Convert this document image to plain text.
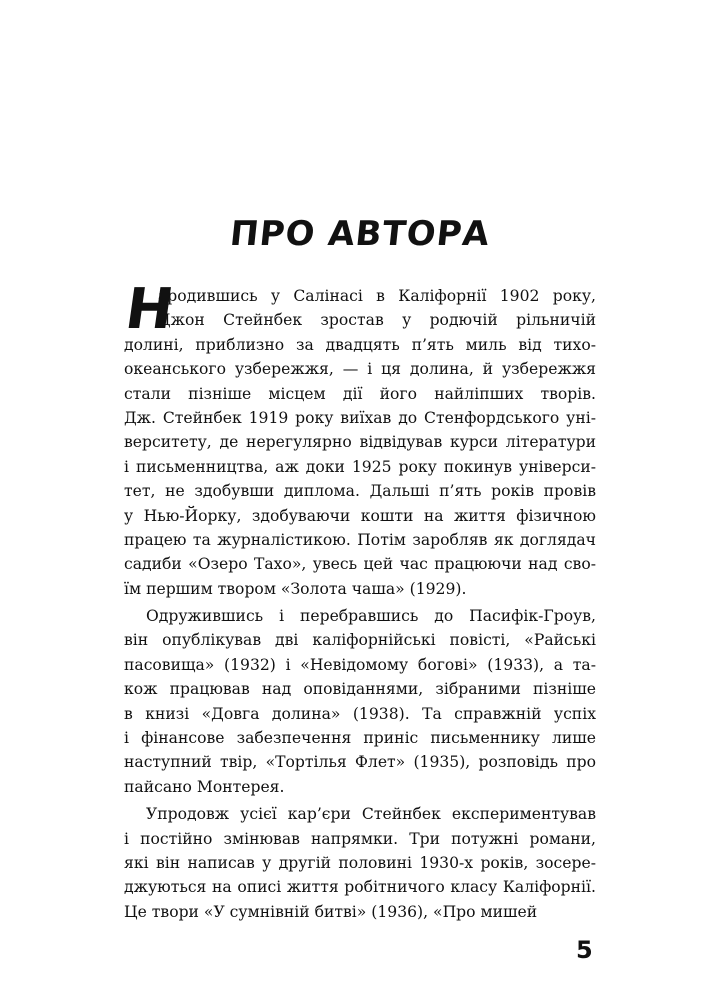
ПРО АВТОРА
Н
ародившись у Салінасі в Каліфорнії 1902 року,
Джон Стейнбек зростав у родючій рільничій
долині, приблизно за двадцять п’ять миль від тихо-
океанського узбережжя, — і ця долина, й узбережжя
стали пізніше місцем дії його найліпших творів.
Дж. Стейнбек 1919 року виїхав до Стенфордського уні-
верситету, де нерегулярно відвідував курси літератури
і письменництва, аж доки 1925 року покинув універси-
тет, не здобувши диплома. Дальші п’ять років провів
у Нью-Йорку, здобуваючи кошти на життя фізичною
працею та журналістикою. Потім заробляв як доглядач
садиби «Озеро Тахо», увесь цей час працюючи над сво-
їм першим твором «Золота чаша» (1929).
Одружившись і перебравшись до Пасифік-Гроув,
він опублікував дві каліфорнійські повісті, «Райські
пасовища» (1932) і «Невідомому богові» (1933), а та-
кож працював над оповіданнями, зібраними пізніше
в книзі «Довга долина» (1938). Та справжній успіх
і фінансове забезпечення приніс письменнику лише
наступний твір, «Тортілья Флет» (1935), розповідь про
пайсано Монтерея.
Упродовж усієї кар’єри Стейнбек експериментував
і постійно змінював напрямки. Три потужні романи,
які він написав у другій половині 1930-х років, зосере-
джуються на описі життя робітничого класу Каліфорнії.
Це твори «У сумнівній битві» (1936), «Про мишей
5
